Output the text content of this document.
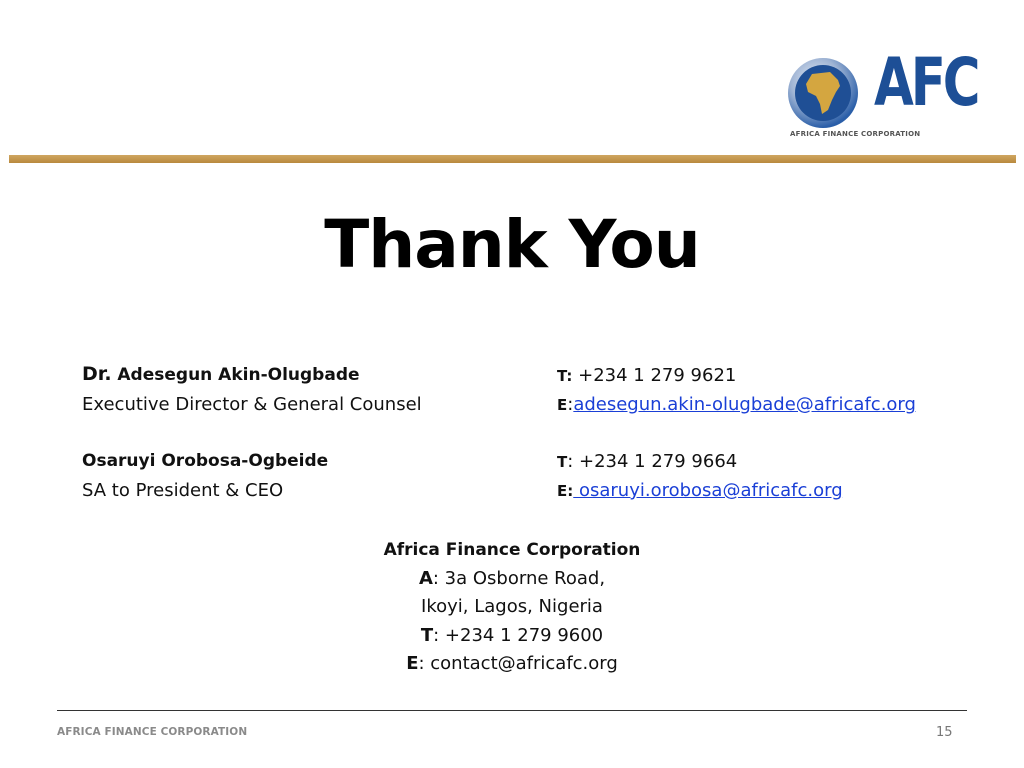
AFC
AFRICA FINANCE CORPORATION
Thank You
Dr. Adesegun Akin-Olugbade
Executive Director & General Counsel
T: +234 1 279 9621
E:adesegun.akin-olugbade@africafc.org
Osaruyi Orobosa-Ogbeide
SA to President & CEO
T: +234 1 279 9664
E: osaruyi.orobosa@africafc.org
Africa Finance Corporation
A: 3a Osborne Road,
Ikoyi, Lagos, Nigeria
T: +234 1 279 9600
E: contact@africafc.org
AFRICA FINANCE CORPORATION	15
